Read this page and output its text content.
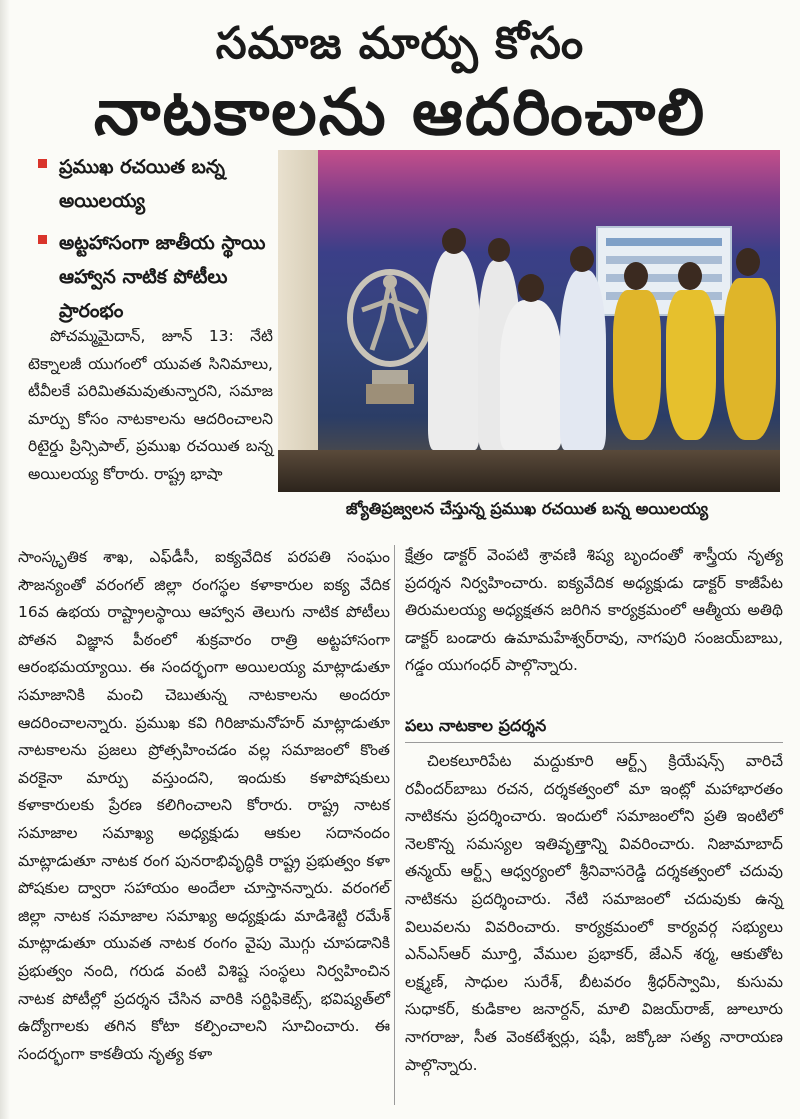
సమాజ మార్పు కోసం
నాటకాలను ఆదరించాలి
ప్రముఖ రచయిత బన్న అయిలయ్య
అట్టహాసంగా జాతీయ స్థాయి ఆహ్వాన నాటిక పోటీలు ప్రారంభం
జ్యోతిప్రజ్వలన చేస్తున్న ప్రముఖ రచయిత బన్న అయిలయ్య

పోచమ్మమైదాన్, జూన్ 13: నేటి టెక్నాలజీ యుగంలో యువత సినిమాలు, టీవీలకే పరిమితమవుతున్నారని, సమాజ మార్పు కోసం నాటకాలను ఆదరించాలని రిటైర్డు ప్రిన్సిపాల్, ప్రముఖ రచయిత బన్న అయిలయ్య కోరారు. రాష్ట్ర భాషా

సాంస్కృతిక శాఖ, ఎఫ్‌డీసీ, ఐక్యవేదిక పరపతి సంఘం సౌజన్యంతో వరంగల్ జిల్లా రంగస్థల కళాకారుల ఐక్య వేదిక 16వ ఉభయ రాష్ట్రాలస్థాయి ఆహ్వాన తెలుగు నాటిక పోటీలు పోతన విజ్ఞాన పీఠంలో శుక్రవారం రాత్రి అట్టహాసంగా ఆరంభమయ్యాయి. ఈ సందర్భంగా అయిలయ్య మాట్లాడుతూ సమాజానికి మంచి చెబుతున్న నాటకాలను అందరూ ఆదరించాలన్నారు. ప్రముఖ కవి గిరిజామనోహర్ మాట్లాడుతూ నాటకాలను ప్రజలు ప్రోత్సహించడం వల్ల సమాజంలో కొంత వరకైనా మార్పు వస్తుందని, ఇందుకు కళాపోషకులు కళాకారులకు ప్రేరణ కలిగించాలని కోరారు. రాష్ట్ర నాటక సమాజాల సమాఖ్య అధ్యక్షుడు ఆకుల సదానందం మాట్లాడుతూ నాటక రంగ పునరాభివృద్ధికి రాష్ట్ర ప్రభుత్వం కళా పోషకుల ద్వారా సహాయం అందేలా చూస్తానన్నారు. వరంగల్ జిల్లా నాటక సమాజాల సమాఖ్య అధ్యక్షుడు మాడిశెట్టి రమేశ్ మాట్లాడుతూ యువత నాటక రంగం వైపు మొగ్గు చూపడానికి ప్రభుత్వం నంది, గరుడ వంటి విశిష్ట సంస్థలు నిర్వహించిన నాటక పోటీల్లో ప్రదర్శన చేసిన వారికి సర్టిఫికెట్స్, భవిష్యత్‌లో ఉద్యోగాలకు తగిన కోటా కల్పించాలని సూచించారు. ఈ సందర్భంగా కాకతీయ నృత్య కళా

క్షేత్రం డాక్టర్ వెంపటి శ్రావణి శిష్య బృందంతో శాస్త్రీయ నృత్య ప్రదర్శన నిర్వహించారు. ఐక్యవేదిక అధ్యక్షుడు డాక్టర్ కాజీపేట తిరుమలయ్య అధ్యక్షతన జరిగిన కార్యక్రమంలో ఆత్మీయ అతిథి డాక్టర్ బండారు ఉమామహేశ్వర్‌రావు, నాగపురి సంజయ్‌బాబు, గడ్డం యుగంధర్ పాల్గొన్నారు.

పలు నాటకాల ప్రదర్శన

చిలకలూరిపేట మద్దుకూరి ఆర్ట్స్ క్రియేషన్స్ వారిచే రవీందర్‌బాబు రచన, దర్శకత్వంలో మా ఇంట్లో మహాభారతం నాటికను ప్రదర్శించారు. ఇందులో సమాజంలోని ప్రతి ఇంటిలో నెలకొన్న సమస్యల ఇతివృత్తాన్ని వివరించారు. నిజామాబాద్ తన్మయ్ ఆర్ట్స్ ఆధ్వర్యంలో శ్రీనివాసరెడ్డి దర్శకత్వంలో చదువు నాటికను ప్రదర్శించారు. నేటి సమాజంలో చదువుకు ఉన్న విలువలను వివరించారు. కార్యక్రమంలో కార్యవర్గ సభ్యులు ఎన్ఎస్ఆర్ మూర్తి, వేముల ప్రభాకర్, జేఎన్ శర్మ, ఆకుతోట లక్ష్మణ్, సాధుల సురేశ్, బీటవరం శ్రీధర్‌స్వామి, కుసుమ సుధాకర్, కుడికాల జనార్దన్, మాలి విజయ్‌రాజ్, జూలూరు నాగరాజు, సీత వెంకటేశ్వర్లు, షఫీ, జక్కోజు సత్య నారాయణ పాల్గొన్నారు.
